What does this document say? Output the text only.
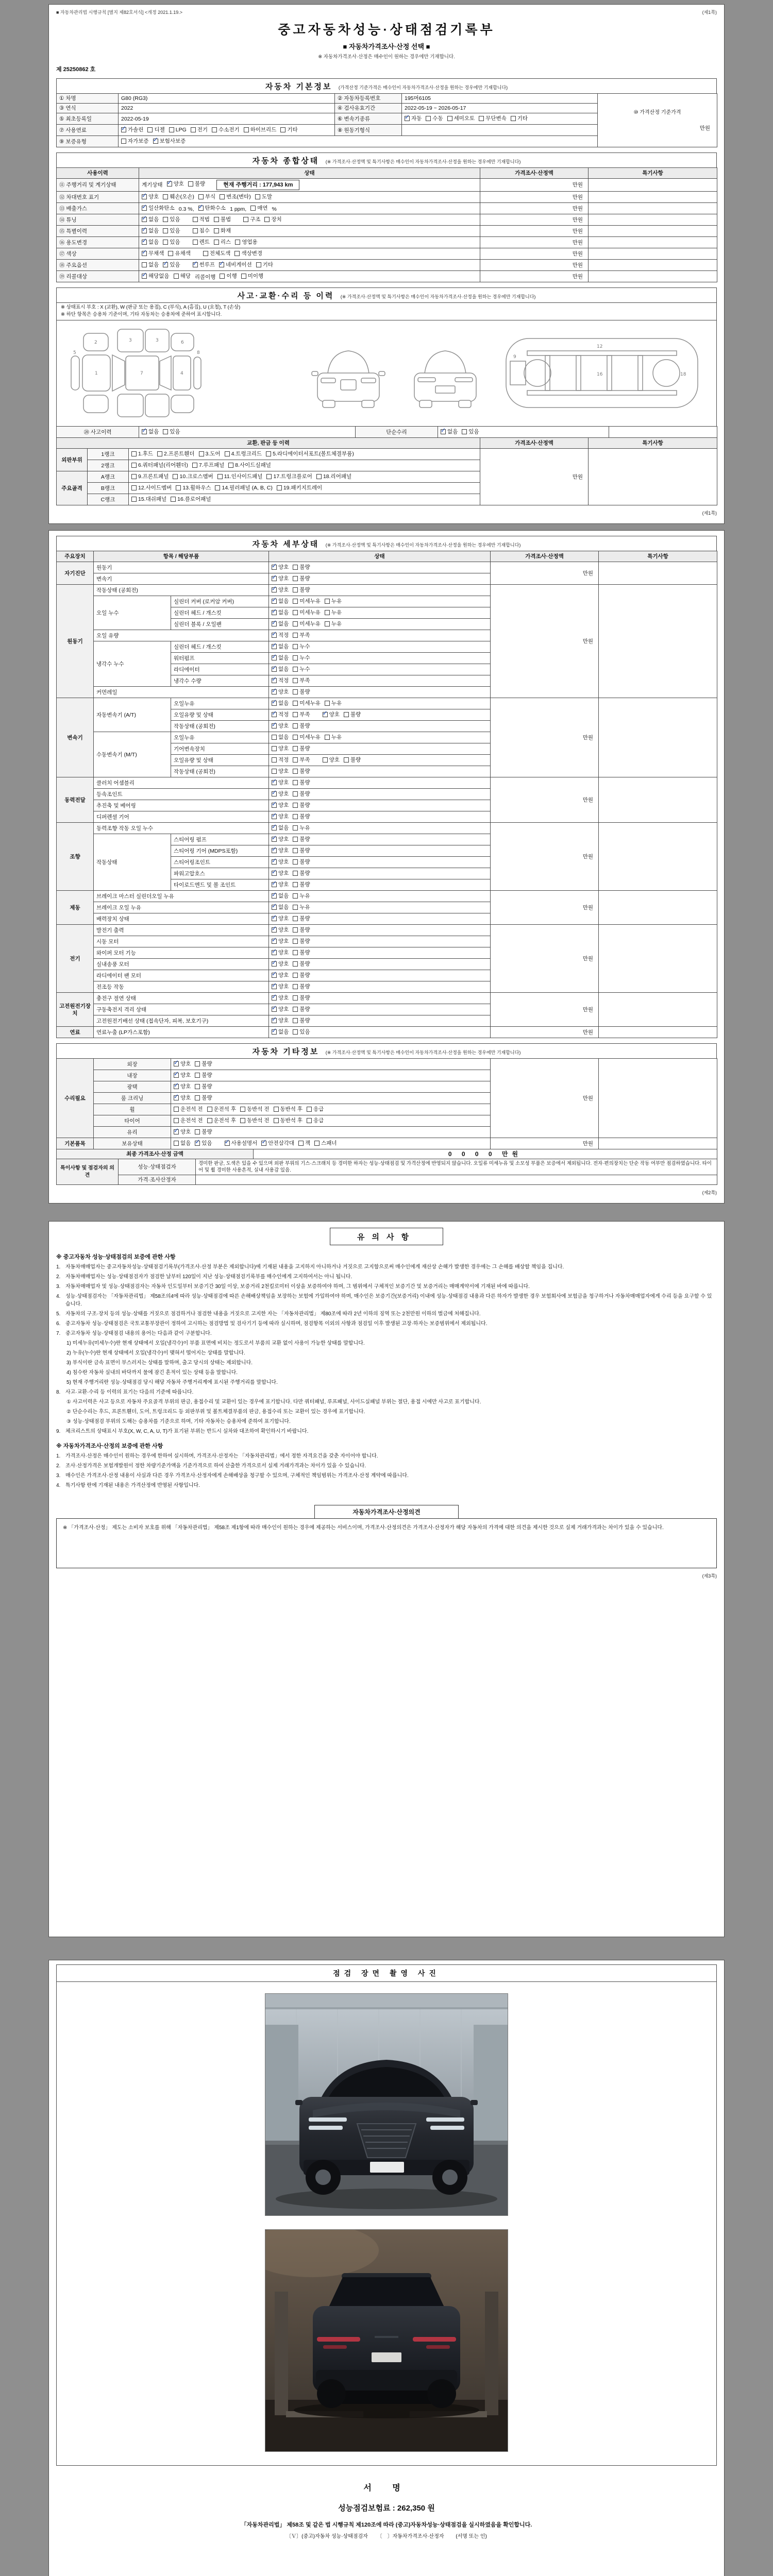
■ 자동차관리법 시행규칙 [별지 제82호서식] <개정 2021.1.19.>	(제1쪽)
중고자동차성능·상태점검기록부
■ 자동차가격조사·산정 선택 ■
※ 자동차가격조사·산정은 매수인이 원하는 경우에만 기재합니다.
제 25250862 호
자동차 기본정보 (가격산정 기준가격은 매수인이 자동차가격조사·산정을 원하는 경우에만 기재합니다)
① 차명	G80 (RG3)	② 자동차등록번호	195머6105	⑩ 가격산정 기준가격
만원

③ 연식	2022	④ 검사유효기간	2022-05-19 ~ 2026-05-17	
⑤ 최초등록일	2022-05-19	⑥ 변속기종류	
✓자동 수동 세미오토 무단변속 기타

⑦ 사용연료	
✓가솔린 디젤 LPG 전기 수소전기 하이브리드 기타	⑧ 원동기형식	
⑨ 보증유형	자가보증 ✓ 보험사보증
자동차 종합상태 (※ 가격조사·산정액 및 특기사항은 매수인이 자동차가격조사·산정을 원하는 경우에만 기재합니다)
사용이력	상태	가격조사·산정액	특기사항
⑪ 주행거리 및 계기상태	계기상태 ✓ 양호 불량 현재 주행거리 : 177,943 km	만원	
⑫ 차대번호 표기	
✓양호 훼손(오손) 부식 변조(변타) 도말	만원	
⑬ 배출가스	
✓일산화탄소 0.3 %, ✓ 탄화수소 1 ppm, 매연 %	만원	
⑭ 튜닝	
✓없음 있음	적법 불법	구조 장치	만원	
⑮ 특별이력	
✓없음 있음 침수 화재	만원	
⑯ 용도변경	
✓없음 있음 렌트 리스 영업용	만원	
⑰ 색상	
✓무채색 유채색 전체도색 색상변경	만원	
⑱ 주요옵션	없음 ✓ 있음 ✓ 썬루프 ✓ 네비게이션 기타	만원	
⑲ 리콜대상	
✓해당없음 해당 리콜이행 이행 미이행	만원	
사고·교환·수리 등 이력 (※ 가격조사·산정액 및 특기사항은 매수인이 자동차가격조사·산정을 원하는 경우에만 기재합니다)
※ 상태표시 부호 : X (교환), W (판금 또는 용접), C (부식), A (흠집), U (요철), T (손상)
※ 하단 항목은 승용차 기준이며, 기타 자동차는 승용차에 준하여 표시합니다.
1	7	4
2	3	3	6
5	8
12
16
9
18
⑳ 사고이력	
✓없음 있음	단순수리	
✓없음 있음

교환, 판금 등 이력			가격조사·산정액	특기사항
외판부위	1랭크	1.후드 2.프론트휀더 3.도어 4.트렁크리드 5.라디에이터서포트(볼트체결부품)	만원	
	2랭크	6.쿼터패널(리어휀더) 7.루프패널 8.사이드실패널		

주요골격	A랭크	9.프론트패널 10.크로스멤버 11.인사이드패널 17.트렁크플로어 18.리어패널		

	B랭크	12.사이드멤버 13.휠하우스 14.필러패널 (A, B, C) 19.패키지트레이		

	C랭크	15.대쉬패널 16.플로어패널		
(제1쪽)
자동차 세부상태 (※ 가격조사·산정액 및 특기사항은 매수인이 자동차가격조사·산정을 원하는 경우에만 기재합니다)
주요장치	항목 / 해당부품		상태	가격조사·산정액	특기사항
자기진단	원동기	
✓양호 불량	만원	
	변속기	
✓양호 불량

원동기	작동상태 (공회전)	
✓양호 불량	만원	
	오일 누수	실린더 커버 (로커암 커버)	
✓없음 미세누유 누유

		실린더 헤드 / 개스킷	
✓없음 미세누유 누유

		실린더 블록 / 오일팬	
✓없음 미세누유 누유

	오일 유량	
✓적정 부족

	냉각수 누수	실린더 헤드 / 개스킷	
✓없음 누수

		워터펌프	
✓없음 누수

		라디에이터	
✓없음 누수

		냉각수 수량	
✓적정 부족

	커먼레일	
✓양호 불량

변속기	자동변속기 (A/T)	오일누유	
✓없음 미세누유 누유	만원	
		오일유량 및 상태	
✓적정 부족 ✓ 양호 불량

		작동상태 (공회전)	
✓양호 불량

	수동변속기 (M/T)	오일누유	없음 미세누유 누유		

		기어변속장치	양호 불량		

		오일유량 및 상태	적정 부족 양호 불량		

		작동상태 (공회전)	양호 불량		

동력전달	클러치 어셈블리	
✓양호 불량	만원	
	등속조인트	
✓양호 불량

	추진축 및 베어링	
✓양호 불량

	디퍼렌셜 기어	
✓양호 불량

조향	동력조향 작동 오일 누수	
✓없음 누유	만원	
	작동상태	스티어링 펌프	
✓양호 불량

		스티어링 기어 (MDPS포함)	
✓양호 불량

		스티어링조인트	
✓양호 불량

		파워고압호스	
✓양호 불량

		타이로드엔드 및 볼 조인트	
✓양호 불량

제동	브레이크 마스터 실린더오일 누유	
✓없음 누유	만원	
	브레이크 오일 누유	
✓없음 누유

	배력장치 상태	
✓양호 불량

전기	발전기 출력	
✓양호 불량	만원	
	시동 모터	
✓양호 불량

	와이퍼 모터 기능	
✓양호 불량

	실내송풍 모터	
✓양호 불량

	라디에이터 팬 모터	
✓양호 불량

	전조등 작동	
✓양호 불량

고전원전기장치	충전구 절연 상태	
✓양호 불량	만원	
	구동축전지 격리 상태	
✓양호 불량

	고전원전기배선 상태 (접속단자, 피복, 보호기구)	
✓양호 불량

연료	연료누출 (LP가스포함)	
✓없음 있음	만원	
자동차 기타정보 (※ 가격조사·산정액 및 특기사항은 매수인이 자동차가격조사·산정을 원하는 경우에만 기재합니다)
수리필요	외장	
✓양호 불량	만원	
	내장	
✓양호 불량

	광택	
✓양호 불량

	룸 크리닝	
✓양호 불량

	휠	운전석 전 운전석 후 동반석 전 동반석 후 응급		

	타이어	운전석 전 운전석 후 동반석 전 동반석 후 응급		

	유리	
✓양호 불량

기본품목	보유상태	없음 ✓ 있음 ✓	사용설명서 ✓ 안전삼각대 잭 스패너	만원	
최종 가격조사·산정 금액	0 0 0 0 만원
특이사항 및 점검자의 의견	성능·상태점검자	경미한 판금, 도색은 있을 수 있으며 외판 부위의 기스·스크래치 등 경미한 하자는 성능·상태점검 및 가격산정에 반영되지 않습니다. 오일류 미세누유 및 소모성 부품은 보증에서 제외됩니다. 전자·편의장치는 단순 작동 여부만 점검하였습니다. 타이어 및 휠 경미한 사용흔적, 실내 사용감 있음.
	가격·조사산정자	
(제2쪽)
유의사항
※ 중고자동차 성능·상태점검의 보증에 관한 사항
1. 자동차매매업자는 중고자동차성능·상태점검기록부(가격조사·산정 부분은 제외합니다)에 기재된 내용을 고지하지 아니하거나 거짓으로 고지함으로써 매수인에게 재산상 손해가 발생한 경우에는 그 손해를 배상할 책임을 집니다.
2. 자동차매매업자는 성능·상태점검자가 점검한 날부터 120일이 지난 성능·상태점검기록부를 매수인에게 고지하여서는 아니 됩니다.
3. 자동차매매업자 및 성능·상태점검자는 자동차 인도일부터 보증기간 30일 이상, 보증거리 2천킬로미터 이상을 보증하여야 하며, 그 범위에서 구체적인 보증기간 및 보증거리는 매매계약서에 기재된 바에 따릅니다.
4. 성능·상태점검자는 「자동차관리법」 제58조의4에 따라 성능·상태점검에 따른 손해배상책임을 보장하는 보험에 가입하여야 하며, 매수인은 보증기간(보증거리) 이내에 성능·상태점검 내용과 다른 하자가 발생한 경우 보험회사에 보험금을 청구하거나 자동차매매업자에게 수리 등을 요구할 수 있습니다.
5. 자동차의 구조·장치 등의 성능·상태를 거짓으로 점검하거나 점검한 내용을 거짓으로 고지한 자는 「자동차관리법」 제80조에 따라 2년 이하의 징역 또는 2천만원 이하의 벌금에 처해집니다.
6. 중고자동차 성능·상태점검은 국토교통부장관이 정하여 고시하는 점검방법 및 검사기기 등에 따라 실시하며, 점검항목 이외의 사항과 점검일 이후 발생된 고장·하자는 보증범위에서 제외됩니다.
7. 중고자동차 성능·상태점검 내용의 용어는 다음과 같이 구분합니다.
1) 미세누유(미세누수)란 현재 상태에서 오일(냉각수)이 부품 표면에 비치는 정도로서 부품의 교환 없이 사용이 가능한 상태를 말합니다.
2) 누유(누수)란 현재 상태에서 오일(냉각수)이 맺혀서 떨어지는 상태를 말합니다.
3) 부식이란 금속 표면이 부스러지는 상태를 말하며, 출고 당시의 상태는 제외합니다.
4) 침수란 자동차 실내의 바닥까지 물에 잠긴 흔적이 있는 상태 등을 말합니다.
5) 현재 주행거리란 성능·상태점검 당시 해당 자동차 주행거리계에 표시된 주행거리를 말합니다.
8. 사고·교환·수리 등 이력의 표기는 다음의 기준에 따릅니다.
① 사고이력은 사고 등으로 자동차 주요골격 부위의 판금, 용접수리 및 교환이 있는 경우에 표기합니다. 다만 쿼터패널, 루프패널, 사이드실패널 부위는 절단, 용접 시에만 사고로 표기합니다.
② 단순수리는 후드, 프론트휀더, 도어, 트렁크리드 등 외판부위 및 볼트체결부품의 판금, 용접수리 또는 교환이 있는 경우에 표기합니다.
③ 성능·상태점검 부위의 도해는 승용차를 기준으로 하며, 기타 자동차는 승용차에 준하여 표기합니다.
9. 체크리스트의 상태표시 부호(X, W, C, A, U, T)가 표기된 부위는 반드시 실차와 대조하여 확인하시기 바랍니다.
※ 자동차가격조사·산정의 보증에 관한 사항
1. 가격조사·산정은 매수인이 원하는 경우에 한하여 실시하며, 가격조사·산정자는 「자동차관리법」에서 정한 자격요건을 갖춘 자이어야 합니다.
2. 조사·산정가격은 보험개발원이 정한 차량기준가액을 기준가격으로 하여 산출한 가격으로서 실제 거래가격과는 차이가 있을 수 있습니다.
3. 매수인은 가격조사·산정 내용이 사실과 다른 경우 가격조사·산정자에게 손해배상을 청구할 수 있으며, 구체적인 책임범위는 가격조사·산정 계약에 따릅니다.
4. 특기사항 란에 기재된 내용은 가격산정에 반영된 사항입니다.
자동차가격조사·산정의견
※ 「가격조사·산정」 제도는 소비자 보호를 위해 「자동차관리법」 제58조 제1항에 따라 매수인이 원하는 경우에 제공하는 서비스이며, 가격조사·산정의견은 가격조사·산정자가 해당 자동차의 가격에 대한 의견을 제시한 것으로 실제 거래가격과는 차이가 있을 수 있습니다.
(제3쪽)
점검 장면 촬영 사진
서 명
성능점검보험료 : 262,350 원
「자동차관리법」 제58조 및 같은 법 시행규칙 제120조에 따라 (중고)자동차성능·상태점검을 실시하였음을 확인합니다.
〔Ｖ〕(중고)자동차 성능·상태점검자 　　〔　〕자동차가격조사·산정자 　　(서명 또는 인)
